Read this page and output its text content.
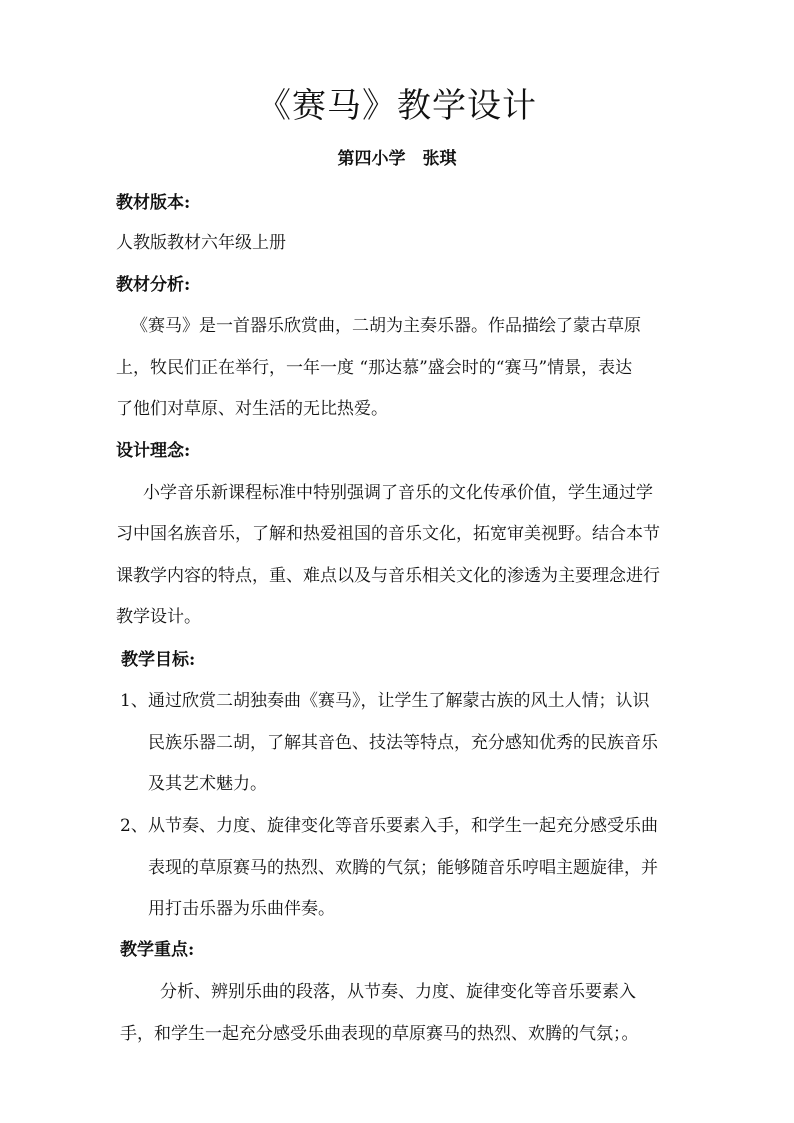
《赛马》教学设计
第四小学　张琪
教材版本:
人教版教材六年级上册
教材分析:
《赛马》是一首器乐欣赏曲，二胡为主奏乐器。作品描绘了蒙古草原
上，牧民们正在举行，一年一度 “那达慕”盛会时的“赛马”情景，表达
了他们对草原、对生活的无比热爱。
设计理念:
小学音乐新课程标准中特别强调了音乐的文化传承价值，学生通过学
习中国名族音乐，了解和热爱祖国的音乐文化，拓宽审美视野。结合本节
课教学内容的特点，重、难点以及与音乐相关文化的渗透为主要理念进行
教学设计。
教学目标:
1、 通过欣赏二胡独奏曲《赛马》，让学生了解蒙古族的风土人情；认识
民族乐器二胡，了解其音色、技法等特点，充分感知优秀的民族音乐
及其艺术魅力。
2、 从节奏、力度、旋律变化等音乐要素入手，和学生一起充分感受乐曲
表现的草原赛马的热烈、欢腾的气氛；能够随音乐哼唱主题旋律，并
用打击乐器为乐曲伴奏。
教学重点:
分析、辨别乐曲的段落，从节奏、力度、旋律变化等音乐要素入
手，和学生一起充分感受乐曲表现的草原赛马的热烈、欢腾的气氛；。
